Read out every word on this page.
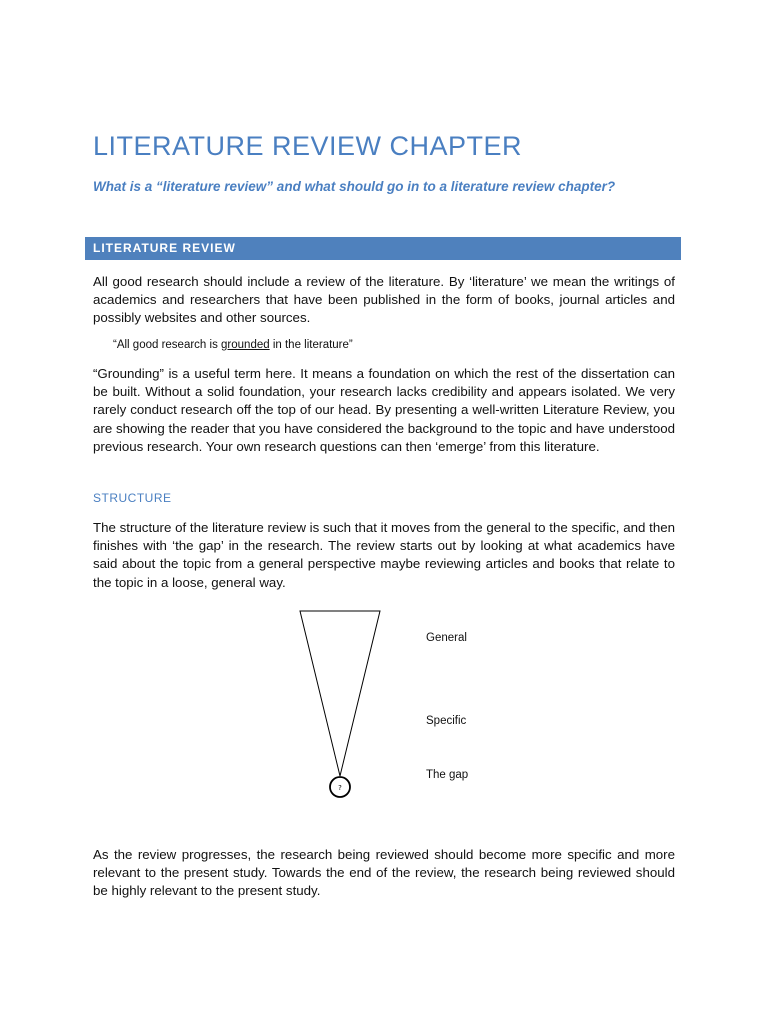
LITERATURE REVIEW CHAPTER
What is a “literature review” and what should go in to a literature review chapter?
LITERATURE REVIEW

All good research should include a review of the literature. By ‘literature’ we mean the writings of academics and researchers that have been published in the form of books, journal articles and possibly websites and other sources.

“All good research is grounded in the literature”

“Grounding” is a useful term here. It means a foundation on which the rest of the dissertation can be built. Without a solid foundation, your research lacks credibility and appears isolated. We very rarely conduct research off the top of our head. By presenting a well-written Literature Review, you are showing the reader that you have considered the background to the topic and have understood previous research. Your own research questions can then ‘emerge’ from this literature.

STRUCTURE

The structure of the literature review is such that it moves from the general to the specific, and then finishes with ‘the gap’ in the research. The review starts out by looking at what academics have said about the topic from a general perspective maybe reviewing articles and books that relate to the topic in a loose, general way.

?
General
Specific
The gap

As the review progresses, the research being reviewed should become more specific and more relevant to the present study. Towards the end of the review, the research being reviewed should be highly relevant to the present study.
